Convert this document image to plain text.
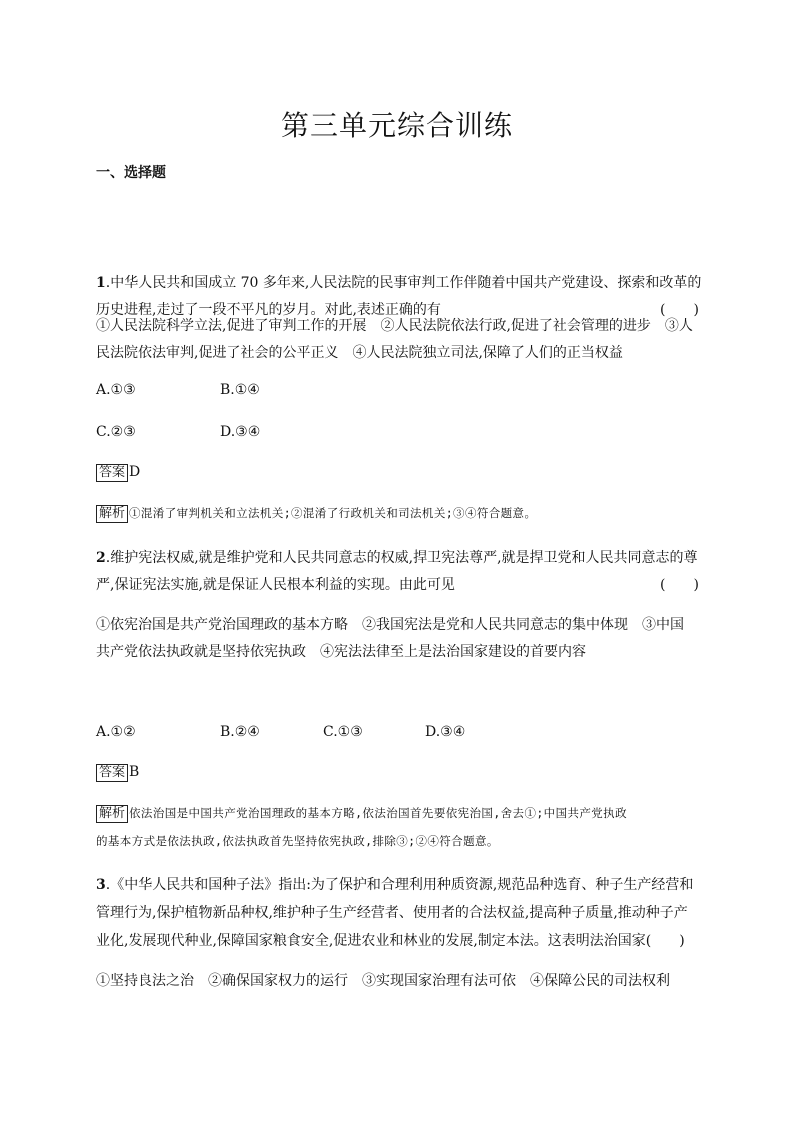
第三单元综合训练
一、选择题
1.中华人民共和国成立 70 多年来,人民法院的民事审判工作伴随着中国共产党建设、探索和改革的
历史进程,走过了一段不平凡的岁月。对此,表述正确的有	(　　)
①人民法院科学立法,促进了审判工作的开展　②人民法院依法行政,促进了社会管理的进步　③人
民法院依法审判,促进了社会的公平正义　④人民法院独立司法,保障了人们的正当权益
A.①③	B.①④
C.②③	D.③④
答案 D
解析 ①混淆了审判机关和立法机关;②混淆了行政机关和司法机关;③④符合题意。
2.维护宪法权威,就是维护党和人民共同意志的权威,捍卫宪法尊严,就是捍卫党和人民共同意志的尊
严,保证宪法实施,就是保证人民根本利益的实现。由此可见	(　　)
①依宪治国是共产党治国理政的基本方略　②我国宪法是党和人民共同意志的集中体现　③中国
共产党依法执政就是坚持依宪执政　④宪法法律至上是法治国家建设的首要内容
A.①②	B.②④	C.①③	D.③④
答案 B
解析 依法治国是中国共产党治国理政的基本方略,依法治国首先要依宪治国,舍去①;中国共产党执政
的基本方式是依法执政,依法执政首先坚持依宪执政,排除③;②④符合题意。
3.《中华人民共和国种子法》指出:为了保护和合理利用种质资源,规范品种选育、种子生产经营和
管理行为,保护植物新品种权,维护种子生产经营者、使用者的合法权益,提高种子质量,推动种子产
业化,发展现代种业,保障国家粮食安全,促进农业和林业的发展,制定本法。这表明法治国家(　　)
①坚持良法之治　②确保国家权力的运行　③实现国家治理有法可依　④保障公民的司法权利
